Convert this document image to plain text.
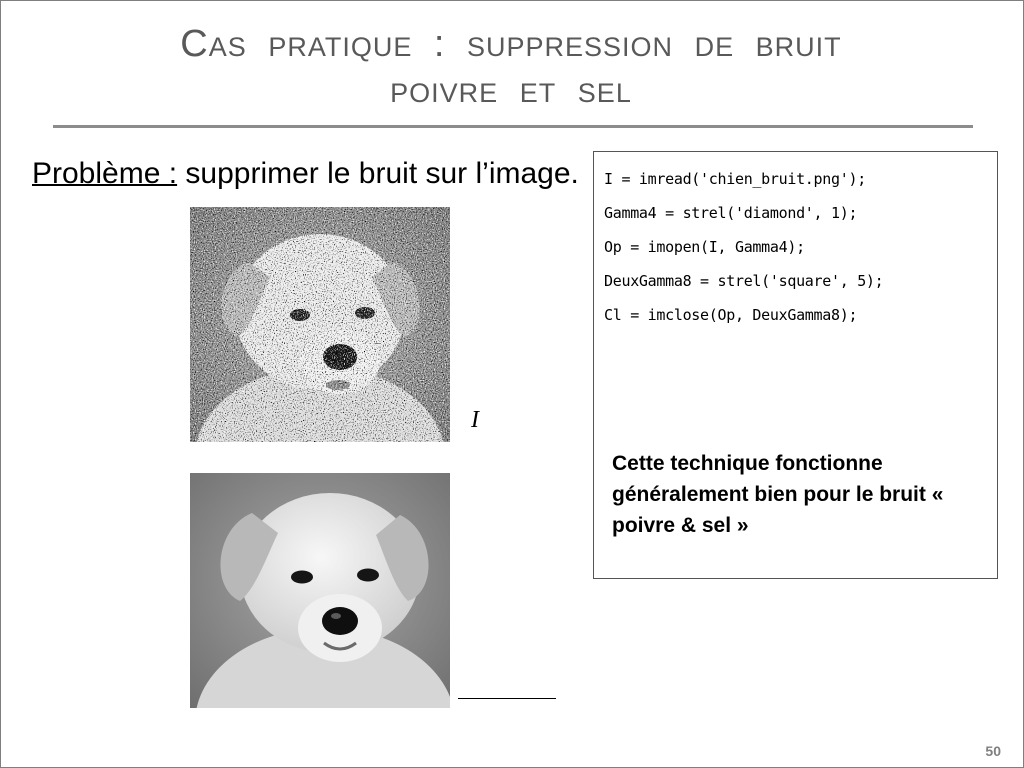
Cas pratique : suppression de bruit
poivre et sel
Problème : supprimer le bruit sur l’image.
I
I = imread('chien_bruit.png');
Gamma4 = strel('diamond', 1);
Op = imopen(I, Gamma4);
DeuxGamma8 = strel('square', 5);
Cl = imclose(Op, DeuxGamma8);
Cette technique fonctionne généralement bien pour le bruit « poivre & sel »
50
